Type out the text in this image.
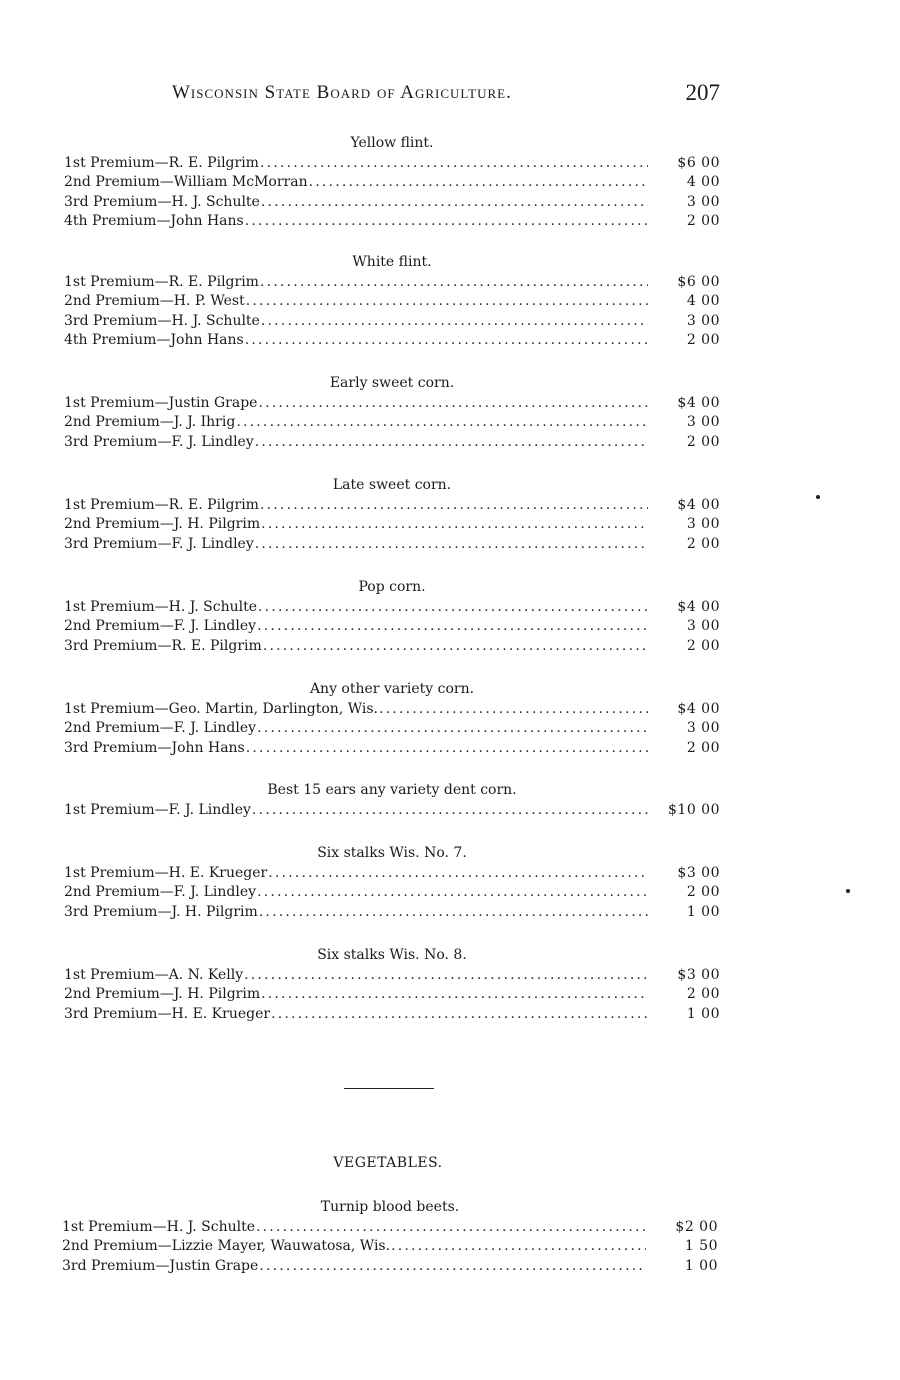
Wisconsin State Board of Agriculture.	207
Yellow flint.
1st Premium—R. E. Pilgrim .....	$6 00
2nd Premium—William McMorran .....	4 00
3rd Premium—H. J. Schulte .....	3 00
4th Premium—John Hans .....	2 00
White flint.
1st Premium—R. E. Pilgrim .....	$6 00
2nd Premium—H. P. West .....	4 00
3rd Premium—H. J. Schulte .....	3 00
4th Premium—John Hans .....	2 00
Early sweet corn.
1st Premium—Justin Grape .....	$4 00
2nd Premium—J. J. Ihrig .....	3 00
3rd Premium—F. J. Lindley .....	2 00
Late sweet corn.
1st Premium—R. E. Pilgrim .....	$4 00
2nd Premium—J. H. Pilgrim .....	3 00
3rd Premium—F. J. Lindley .....	2 00
Pop corn.
1st Premium—H. J. Schulte .....	$4 00
2nd Premium—F. J. Lindley .....	3 00
3rd Premium—R. E. Pilgrim .....	2 00
Any other variety corn.
1st Premium—Geo. Martin, Darlington, Wis. .....	$4 00
2nd Premium—F. J. Lindley .....	3 00
3rd Premium—John Hans .....	2 00
Best 15 ears any variety dent corn.
1st Premium—F. J. Lindley .....	$10 00
Six stalks Wis. No. 7.
1st Premium—H. E. Krueger .....	$3 00
2nd Premium—F. J. Lindley .....	2 00
3rd Premium—J. H. Pilgrim .....	1 00
Six stalks Wis. No. 8.
1st Premium—A. N. Kelly .....	$3 00
2nd Premium—J. H. Pilgrim .....	2 00
3rd Premium—H. E. Krueger .....	1 00
VEGETABLES.
Turnip blood beets.
1st Premium—H. J. Schulte .....	$2 00
2nd Premium—Lizzie Mayer, Wauwatosa, Wis. .....	1 50
3rd Premium—Justin Grape .....	1 00
